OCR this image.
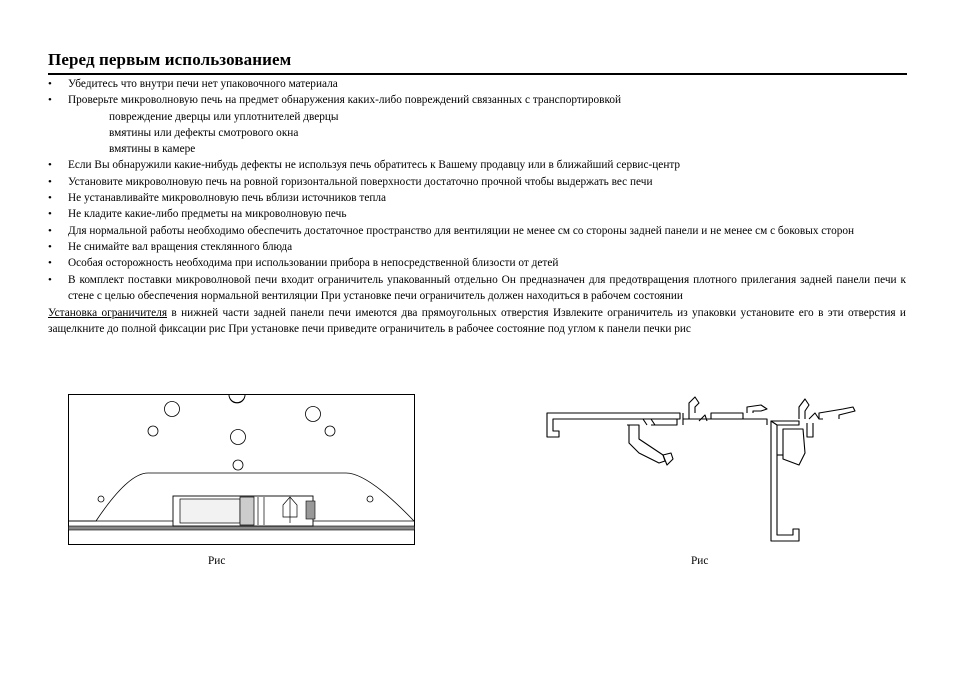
Перед первым использованием
• Убедитесь что внутри печи нет упаковочного материала
• Проверьте микроволновую печь на предмет обнаружения каких-либо повреждений связанных с транспортировкой
повреждение дверцы или уплотнителей дверцы
вмятины или дефекты смотрового окна
вмятины в камере
• Если Вы обнаружили какие-нибудь дефекты не используя печь обратитесь к Вашему продавцу или в ближайший сервис-центр
• Установите микроволновую печь на ровной горизонтальной поверхности достаточно прочной чтобы выдержать вес печи
• Не устанавливайте микроволновую печь вблизи источников тепла
• Не кладите какие-либо предметы на микроволновую печь
• Для нормальной работы необходимо обеспечить достаточное пространство для вентиляции не менее см со стороны задней панели и не менее см с боковых сторон
• Не снимайте вал вращения стеклянного блюда
• Особая осторожность необходима при использовании прибора в непосредственной близости от детей
• В комплект поставки микроволновой печи входит ограничитель упакованный отдельно Он предназначен для предотвращения плотного прилегания задней панели печи к стене с целью обеспечения нормальной вентиляции При установке печи ограничитель должен находиться в рабочем состоянии
Установка ограничителя в нижней части задней панели печи имеются два прямоугольных отверстия Извлеките ограничитель из упаковки установите его в эти отверстия и защелкните до полной фиксации рис При установке печи приведите ограничитель в рабочее состояние под углом к панели печки рис
Рис	Рис
